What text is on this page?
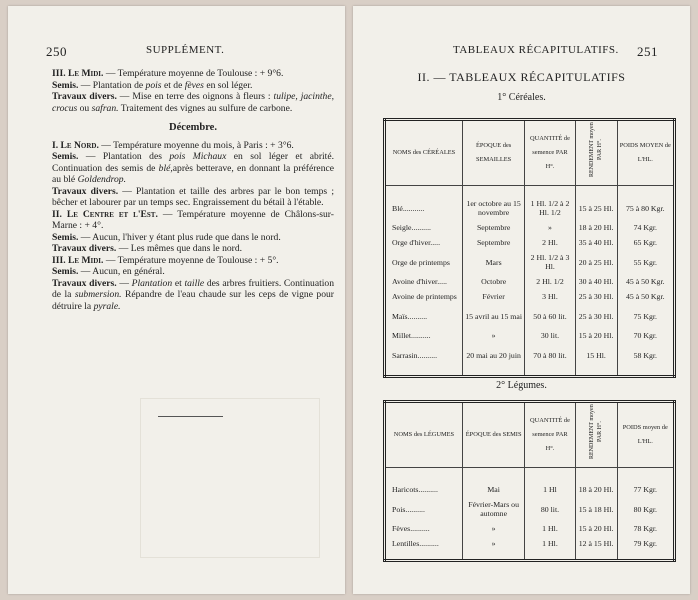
250	SUPPLÉMENT.

III. Le Midi. — Température moyenne de Toulouse : + 9°6.

Semis. — Plantation de pois et de fèves en sol léger.

Travaux divers. — Mise en terre des oignons à fleurs : tulipe, jacinthe, crocus ou safran. Traitement des vignes au sulfure de carbone.

Décembre.

I. Le Nord. — Température moyenne du mois, à Paris : + 3°6.

Semis. — Plantation des pois Michaux en sol léger et abrité. Continuation des semis de blé,après betterave, en donnant la préférence au blé Goldendrop.

Travaux divers. — Plantation et taille des arbres par le bon temps ; bêcher et labourer par un temps sec. Engraissement du bétail à l'étable.

II. Le Centre et l'Est. — Température moyenne de Châlons-sur-Marne : + 4°.

Semis. — Aucun, l'hiver y étant plus rude que dans le nord.

Travaux divers. — Les mêmes que dans le nord.

III. Le Midi. — Température moyenne de Toulouse : + 5°.

Semis. — Aucun, en général.

Travaux divers. — Plantation et taille des arbres fruitiers. Continuation de la submersion. Répandre de l'eau chaude sur les ceps de vigne pour détruire la pyrale.

TABLEAUX RÉCAPITULATIFS. 251
II. — TABLEAUX RÉCAPITULATIFS
1° Céréales.
NOMS des CÉRÉALES	ÉPOQUE des SEMAILLES	QUANTITÉ de semence PAR H°.	RENDEMENT moyen PAR H°.	POIDS MOYEN de L'HL.

Blé...........	1er octobre au 15 novembre	1 Hl. 1/2 à 2 Hl. 1/2	15 à 25 Hl.	75 à 80 Kgr.
Seigle..........	Septembre	»	18 à 20 Hl.	74 Kgr.
Orge d'hiver.....	Septembre	2 Hl.	35 à 40 Hl.	65 Kgr.
Orge de printemps	Mars	2 Hl. 1/2 à 3 Hl.	20 à 25 Hl.	55 Kgr.
Avoine d'hiver.....	Octobre	2 Hl. 1/2	30 à 40 Hl.	45 à 50 Kgr.
Avoine de printemps	Février	3 Hl.	25 à 30 Hl.	45 à 50 Kgr.
Maïs..........	15 avril au 15 mai	50 à 60 lit.	25 à 30 Hl.	75 Kgr.
Millet..........	»	30 lit.	15 à 20 Hl.	70 Kgr.
Sarrasin..........	20 mai au 20 juin	70 à 80 lit.	15 Hl.	58 Kgr.

2° Légumes.
NOMS des LÉGUMES	ÉPOQUE des SEMIS	QUANTITÉ de semence PAR H°.	RENDEMENT moyen PAR H°.	POIDS moyen de L'HL.

Haricots..........	Mai	1 Hl	18 à 20 Hl.	77 Kgr.
Pois..........	Février-Mars ou automne	80 lit.	15 à 18 Hl.	80 Kgr.
Fèves..........	»	1 Hl.	15 à 20 Hl.	78 Kgr.
Lentilles..........	»	1 Hl.	12 à 15 Hl.	79 Kgr.
